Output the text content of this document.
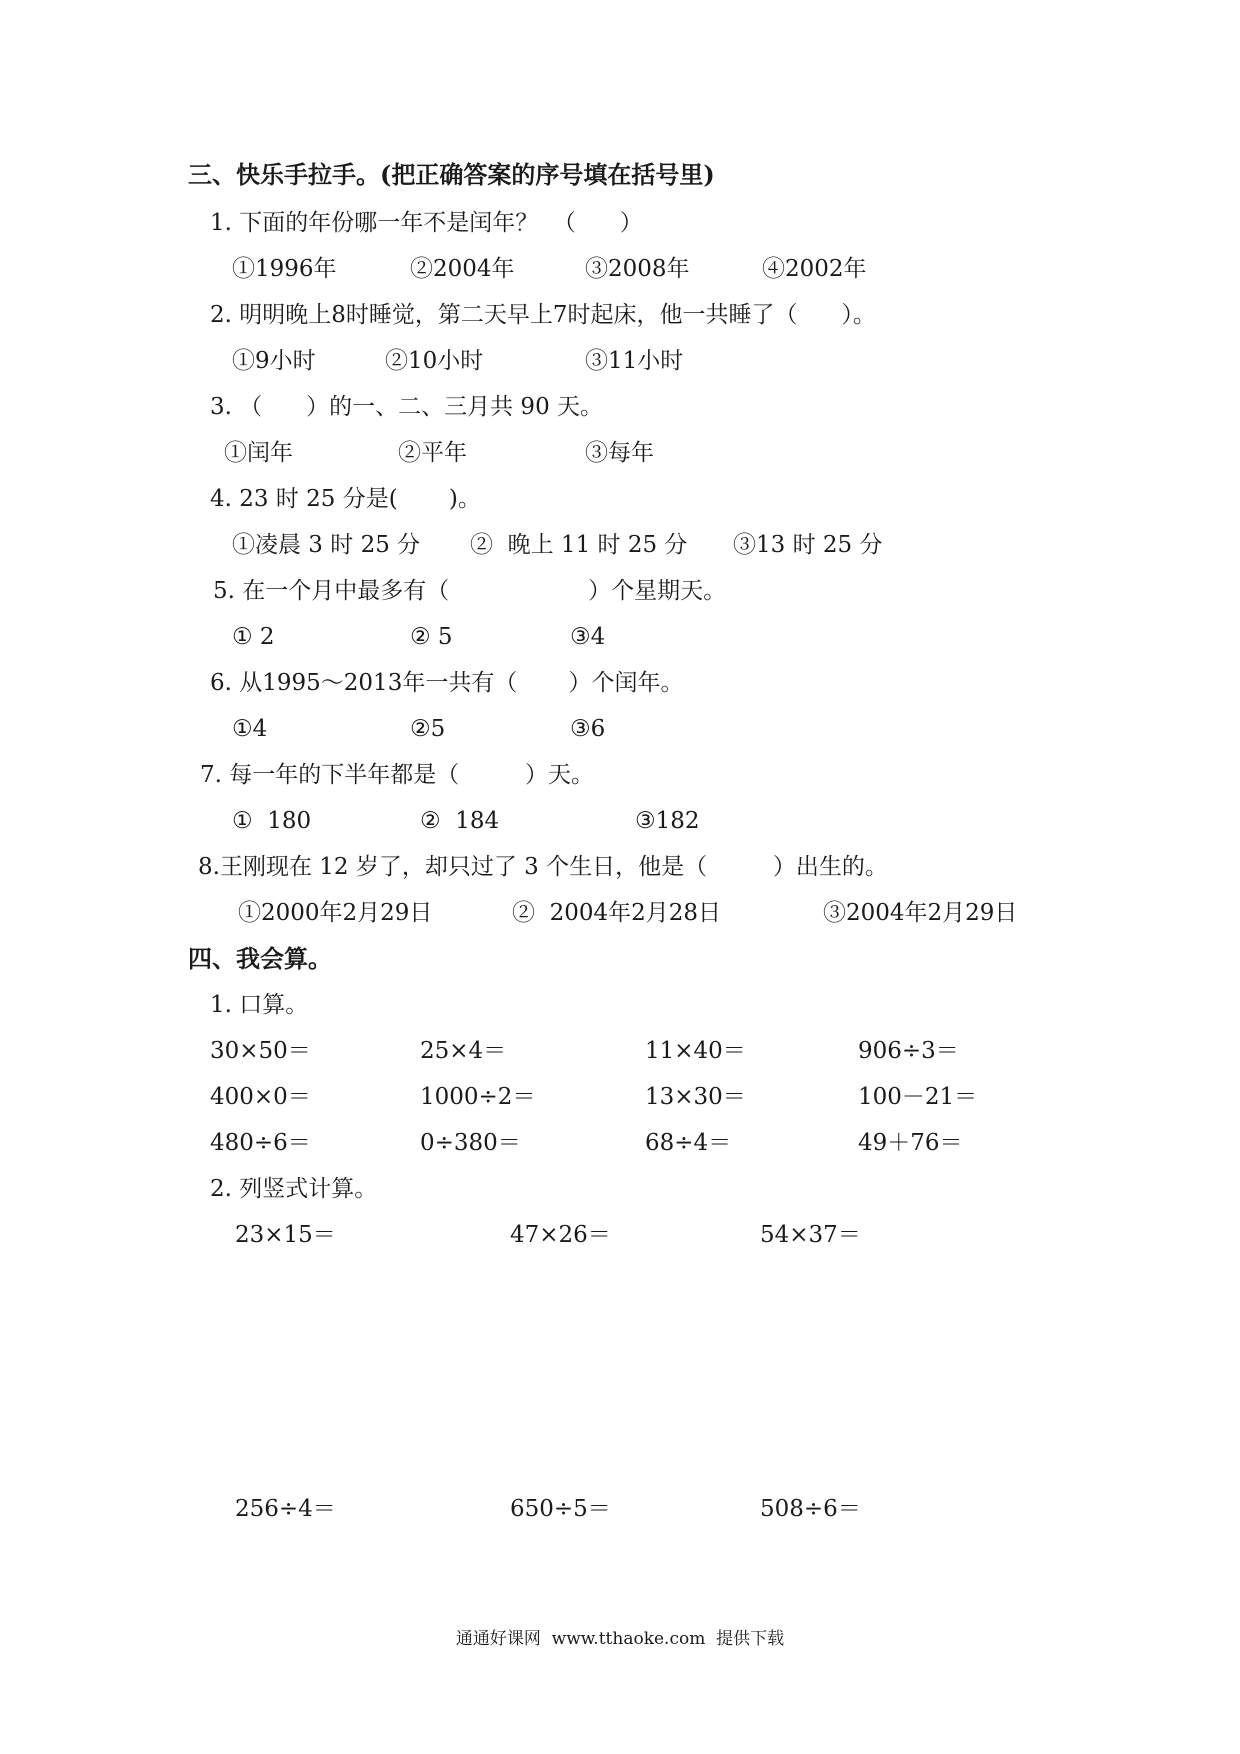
三、快乐手拉手。(把正确答案的序号填在括号里)
1. 下面的年份哪一年不是闰年？  （      ）
①1996年	②2004年	③2008年	④2002年
2. 明明晚上8时睡觉，第二天早上7时起床，他一共睡了（      ）。
①9小时	②10小时	③11小时
3. （      ）的一、二、三月共 90 天。
①闰年	②平年	③每年
4. 23 时 25 分是(       )。
①凌晨 3 时 25 分 ②  晚上 11 时 25 分 ③13 时 25 分
5. 在一个月中最多有（                   ）个星期天。
① 2	② 5	③4
6. 从1995～2013年一共有（       ）个闰年。
①4	②5	③6
7. 每一年的下半年都是（         ）天。
①  180	②  184	③182
8.王刚现在 12 岁了，却只过了 3 个生日，他是（         ）出生的。
①2000年2月29日	②  2004年2月28日	③2004年2月29日
四、我会算。
1. 口算。
30×50＝	25×4＝	11×40＝	906÷3＝
400×0＝	1000÷2＝	13×30＝	100－21＝
480÷6＝	0÷380＝	68÷4＝	49＋76＝
2. 列竖式计算。
23×15＝	47×26＝	54×37＝
256÷4＝	650÷5＝	508÷6＝
通通好课网  www.tthaoke.com  提供下载
